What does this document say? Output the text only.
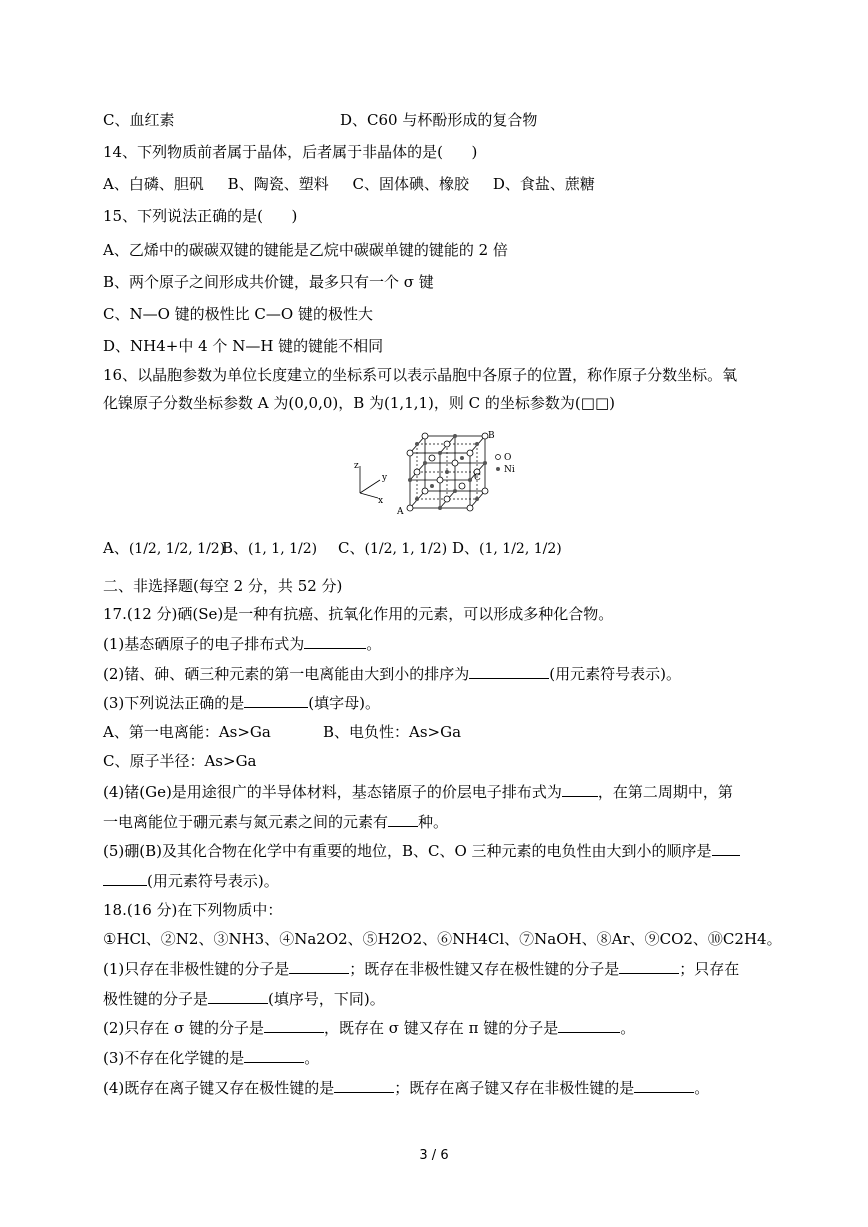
C、血红素	D、C60 与杯酚形成的复合物
14、下列物质前者属于晶体，后者属于非晶体的是(      )
A、白磷、胆矾     B、陶瓷、塑料     C、固体碘、橡胶     D、食盐、蔗糖
15、下列说法正确的是(      )
A、乙烯中的碳碳双键的键能是乙烷中碳碳单键的键能的 2 倍
B、两个原子之间形成共价键，最多只有一个 σ 键
C、N—O 键的极性比 C—O 键的极性大
D、NH4+中 4 个 N—H 键的键能不相同
16、以晶胞参数为单位长度建立的坐标系可以表示晶胞中各原子的位置，称作原子分数坐标。氧
化镍原子分数坐标参数 A 为(0,0,0)，B 为(1,1,1)，则 C 的坐标参数为(□□)
z
y
x
A
B
C
O
Ni
A、(1/2, 1/2, 1/2)
B、(1, 1, 1/2) C、(1/2, 1, 1/2) D、(1, 1/2, 1/2)
二、非选择题(每空 2 分，共 52 分)
17.(12 分)硒(Se)是一种有抗癌、抗氧化作用的元素，可以形成多种化合物。
(1)基态硒原子的电子排布式为	。
(2)锗、砷、硒三种元素的第一电离能由大到小的排序为	(用元素符号表示)。
(3)下列说法正确的是	(填字母)。
A、第一电离能：As>Ga	B、电负性：As>Ga
C、原子半径：As>Ga
(4)锗(Ge)是用途很广的半导体材料，基态锗原子的价层电子排布式为 ，在第二周期中，第
一电离能位于硼元素与氮元素之间的元素有 种。
(5)硼(B)及其化合物在化学中有重要的地位，B、C、O 三种元素的电负性由大到小的顺序是
(用元素符号表示)。
18.(16 分)在下列物质中：
①HCl、②N2、③NH3、④Na2O2、⑤H2O2、⑥NH4Cl、⑦NaOH、⑧Ar、⑨CO2、⑩C2H4。
(1)只存在非极性键的分子是	；既存在非极性键又存在极性键的分子是	；只存在
极性键的分子是	(填序号，下同)。
(2)只存在 σ 键的分子是	，既存在 σ 键又存在 π 键的分子是	。
(3)不存在化学键的是	。
(4)既存在离子键又存在极性键的是	；既存在离子键又存在非极性键的是	。
3 / 6
